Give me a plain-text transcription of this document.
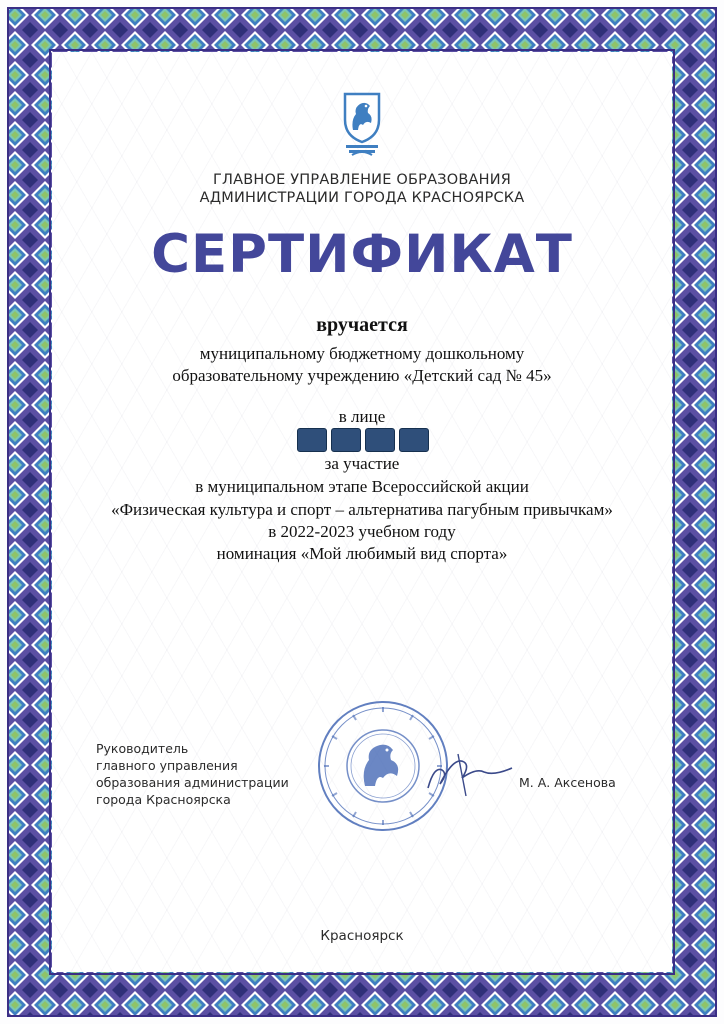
ГЛАВНОЕ УПРАВЛЕНИЕ ОБРАЗОВАНИЯ
АДМИНИСТРАЦИИ ГОРОДА КРАСНОЯРСКА
СЕРТИФИКАТ
вручается
муниципальному бюджетному дошкольному
образовательному учреждению «Детский сад № 45»
в лице
за участие
в муниципальном этапе Всероссийской акции
«Физическая культура и спорт – альтернатива пагубным привычкам»
в 2022-2023 учебном году
номинация «Мой любимый вид спорта»
Руководитель
главного управления
образования администрации
города Красноярска
М. А. Аксенова
Красноярск
